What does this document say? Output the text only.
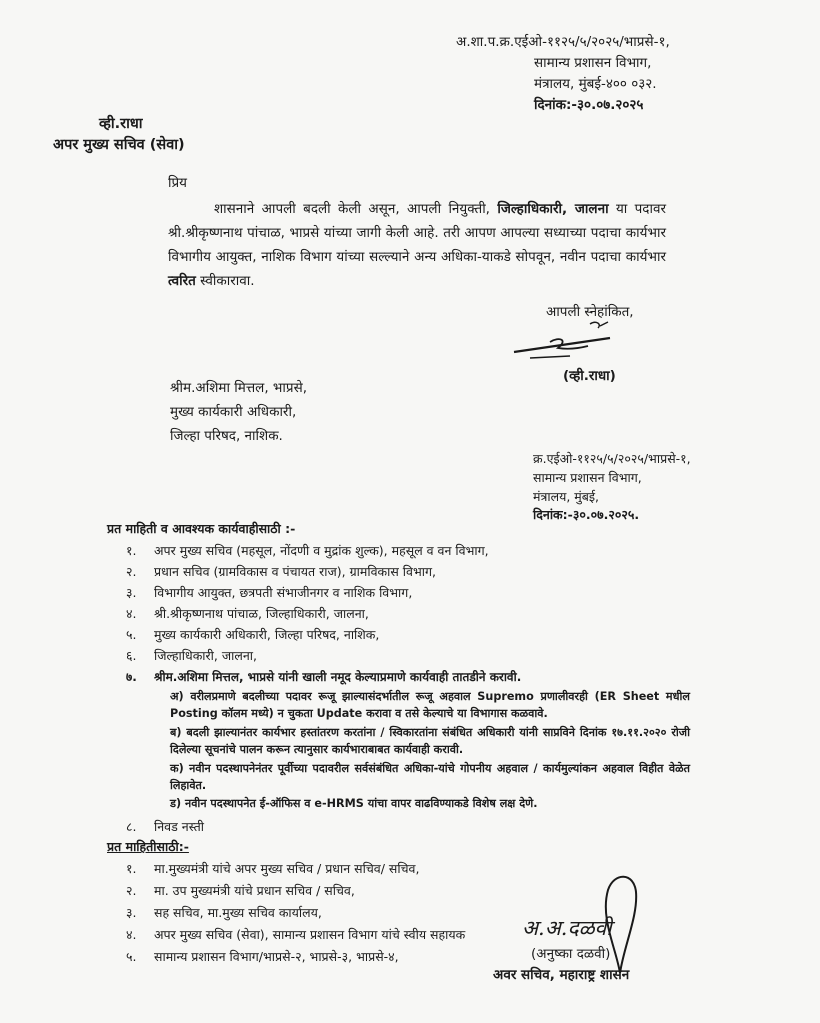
अ.शा.प.क्र.एईओ-११२५/५/२०२५/भाप्रसे-१,
सामान्य प्रशासन विभाग,
मंत्रालय, मुंबई-४०० ०३२.
दिनांक:-३०.०७.२०२५
व्ही.राधा
अपर मुख्य सचिव (सेवा)
प्रिय
शासनाने आपली बदली केली असून, आपली नियुक्ती, जिल्हाधिकारी, जालना या पदावर श्री.श्रीकृष्णनाथ पांचाळ, भाप्रसे यांच्या जागी केली आहे. तरी आपण आपल्या सध्याच्या पदाचा कार्यभार विभागीय आयुक्त, नाशिक विभाग यांच्या सल्ल्याने अन्य अधिका-याकडे सोपवून, नवीन पदाचा कार्यभार त्वरित स्वीकारावा.
आपली स्नेहांकित,
(व्ही.राधा)
श्रीम.अशिमा मित्तल, भाप्रसे,
मुख्य कार्यकारी अधिकारी,
जिल्हा परिषद, नाशिक.
क्र.एईओ-११२५/५/२०२५/भाप्रसे-१,
सामान्य प्रशासन विभाग,
मंत्रालय, मुंबई,
दिनांक:-३०.०७.२०२५.
प्रत माहिती व आवश्यक कार्यवाहीसाठी :-
१. अपर मुख्य सचिव (महसूल, नोंदणी व मुद्रांक शुल्क), महसूल व वन विभाग,
२. प्रधान सचिव (ग्रामविकास व पंचायत राज), ग्रामविकास विभाग,
३. विभागीय आयुक्त, छत्रपती संभाजीनगर व नाशिक विभाग,
४. श्री.श्रीकृष्णनाथ पांचाळ, जिल्हाधिकारी, जालना,
५. मुख्य कार्यकारी अधिकारी, जिल्हा परिषद, नाशिक,
६. जिल्हाधिकारी, जालना,
७. श्रीम.अशिमा मित्तल, भाप्रसे यांनी खाली नमूद केल्याप्रमाणे कार्यवाही तातडीने करावी.
अ) वरीलप्रमाणे बदलीच्या पदावर रूजू झाल्यासंदर्भातील रूजू अहवाल Supremo प्रणालीवरही (ER Sheet मधील Posting कॉलम मध्ये) न चुकता Update करावा व तसे केल्याचे या विभागास कळवावे.
ब) बदली झाल्यानंतर कार्यभार हस्तांतरण करतांना / स्विकारतांना संबंधित अधिकारी यांनी साप्रविने दिनांक १७.११.२०२० रोजी दिलेल्या सूचनांचे पालन करून त्यानुसार कार्यभाराबाबत कार्यवाही करावी.
क) नवीन पदस्थापनेनंतर पूर्वीच्या पदावरील सर्वसंबंधित अधिका-यांचे गोपनीय अहवाल / कार्यमुल्यांकन अहवाल विहीत वेळेत लिहावेत.
ड) नवीन पदस्थापनेत ई-ऑफिस व e-HRMS यांचा वापर वाढविण्याकडे विशेष लक्ष देणे.
८. निवड नस्ती
प्रत माहितीसाठी:-
१. मा.मुख्यमंत्री यांचे अपर मुख्य सचिव / प्रधान सचिव/ सचिव,
२. मा. उप मुख्यमंत्री यांचे प्रधान सचिव / सचिव,
३. सह सचिव, मा.मुख्य सचिव कार्यालय,
४. अपर मुख्य सचिव (सेवा), सामान्य प्रशासन विभाग यांचे स्वीय सहायक
५. सामान्य प्रशासन विभाग/भाप्रसे-२, भाप्रसे-३, भाप्रसे-४,
अ.अ.दळवी
(अनुष्का दळवी)
अवर सचिव, महाराष्ट्र शासन
